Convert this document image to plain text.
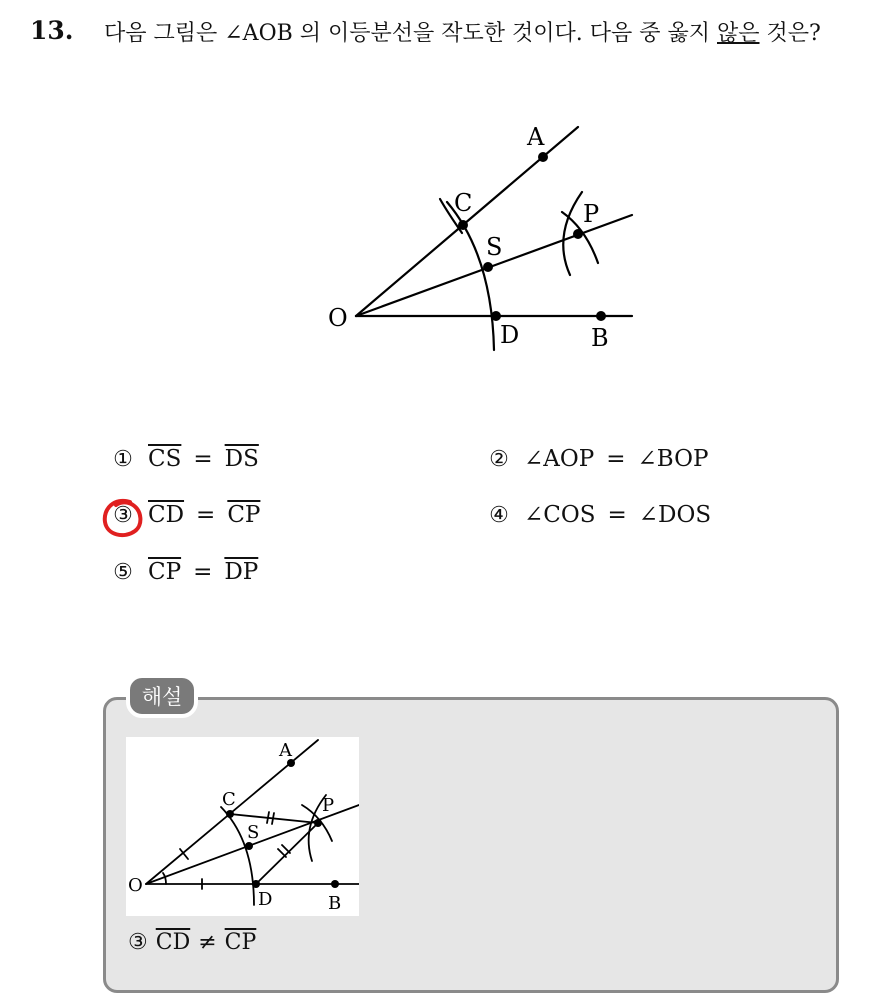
13. 다음 그림은 ∠AOB 의 이등분선을 작도한 것이다. 다음 중 옳지 않은 것은?
A
C	P
S
O
D	B
① $\overline{CS} = \overline{DS}$	② ∠AOP = ∠BOP
③ $\overline{CD} = \overline{CP}$	④ ∠COS = ∠DOS
⑤ $\overline{CP} = \overline{DP}$
해설
A
C	P
S
O
D	B
③ $\overline{CD} \ne \overline{CP}$
